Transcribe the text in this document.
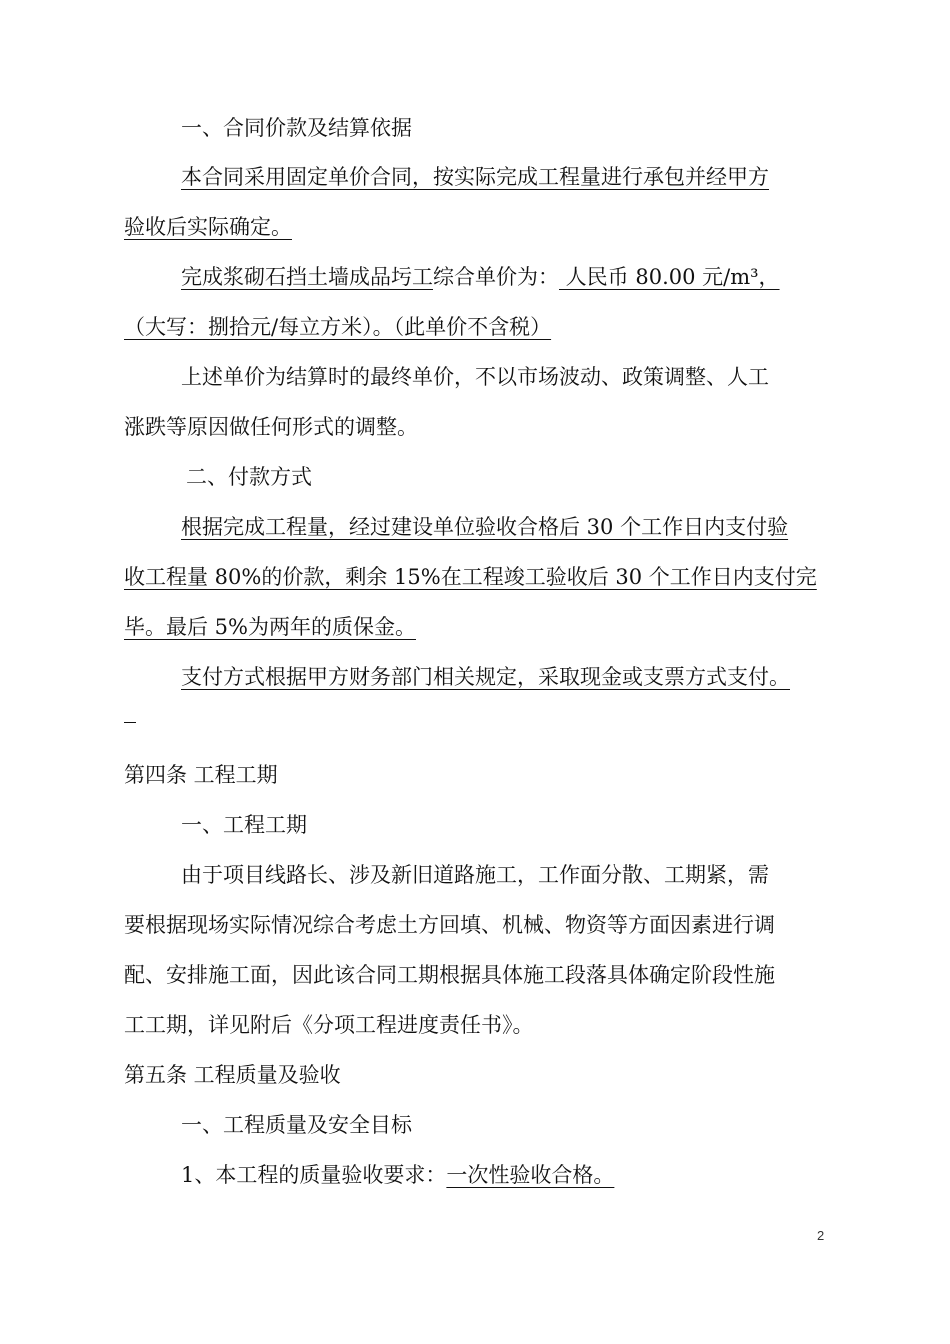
一、合同价款及结算依据
本合同采用固定单价合同，按实际完成工程量进行承包并经甲方
验收后实际确定。
完成浆砌石挡土墙成品圬工综合单价为： 人民币 80.00 元/m³，
（大写：捌拾元/每立方米）。（此单价不含税）
上述单价为结算时的最终单价，不以市场波动、政策调整、人工
涨跌等原因做任何形式的调整。
二、付款方式
根据完成工程量，经过建设单位验收合格后 30 个工作日内支付验
收工程量 80%的价款，剩余 15%在工程竣工验收后 30 个工作日内支付完
毕。最后 5%为两年的质保金。
支付方式根据甲方财务部门相关规定，采取现金或支票方式支付。
第四条 工程工期
一、工程工期
由于项目线路长、涉及新旧道路施工，工作面分散、工期紧，需
要根据现场实际情况综合考虑土方回填、机械、物资等方面因素进行调
配、安排施工面，因此该合同工期根据具体施工段落具体确定阶段性施
工工期，详见附后《分项工程进度责任书》。
第五条 工程质量及验收
一、工程质量及安全目标
1、本工程的质量验收要求：一次性验收合格。
2
